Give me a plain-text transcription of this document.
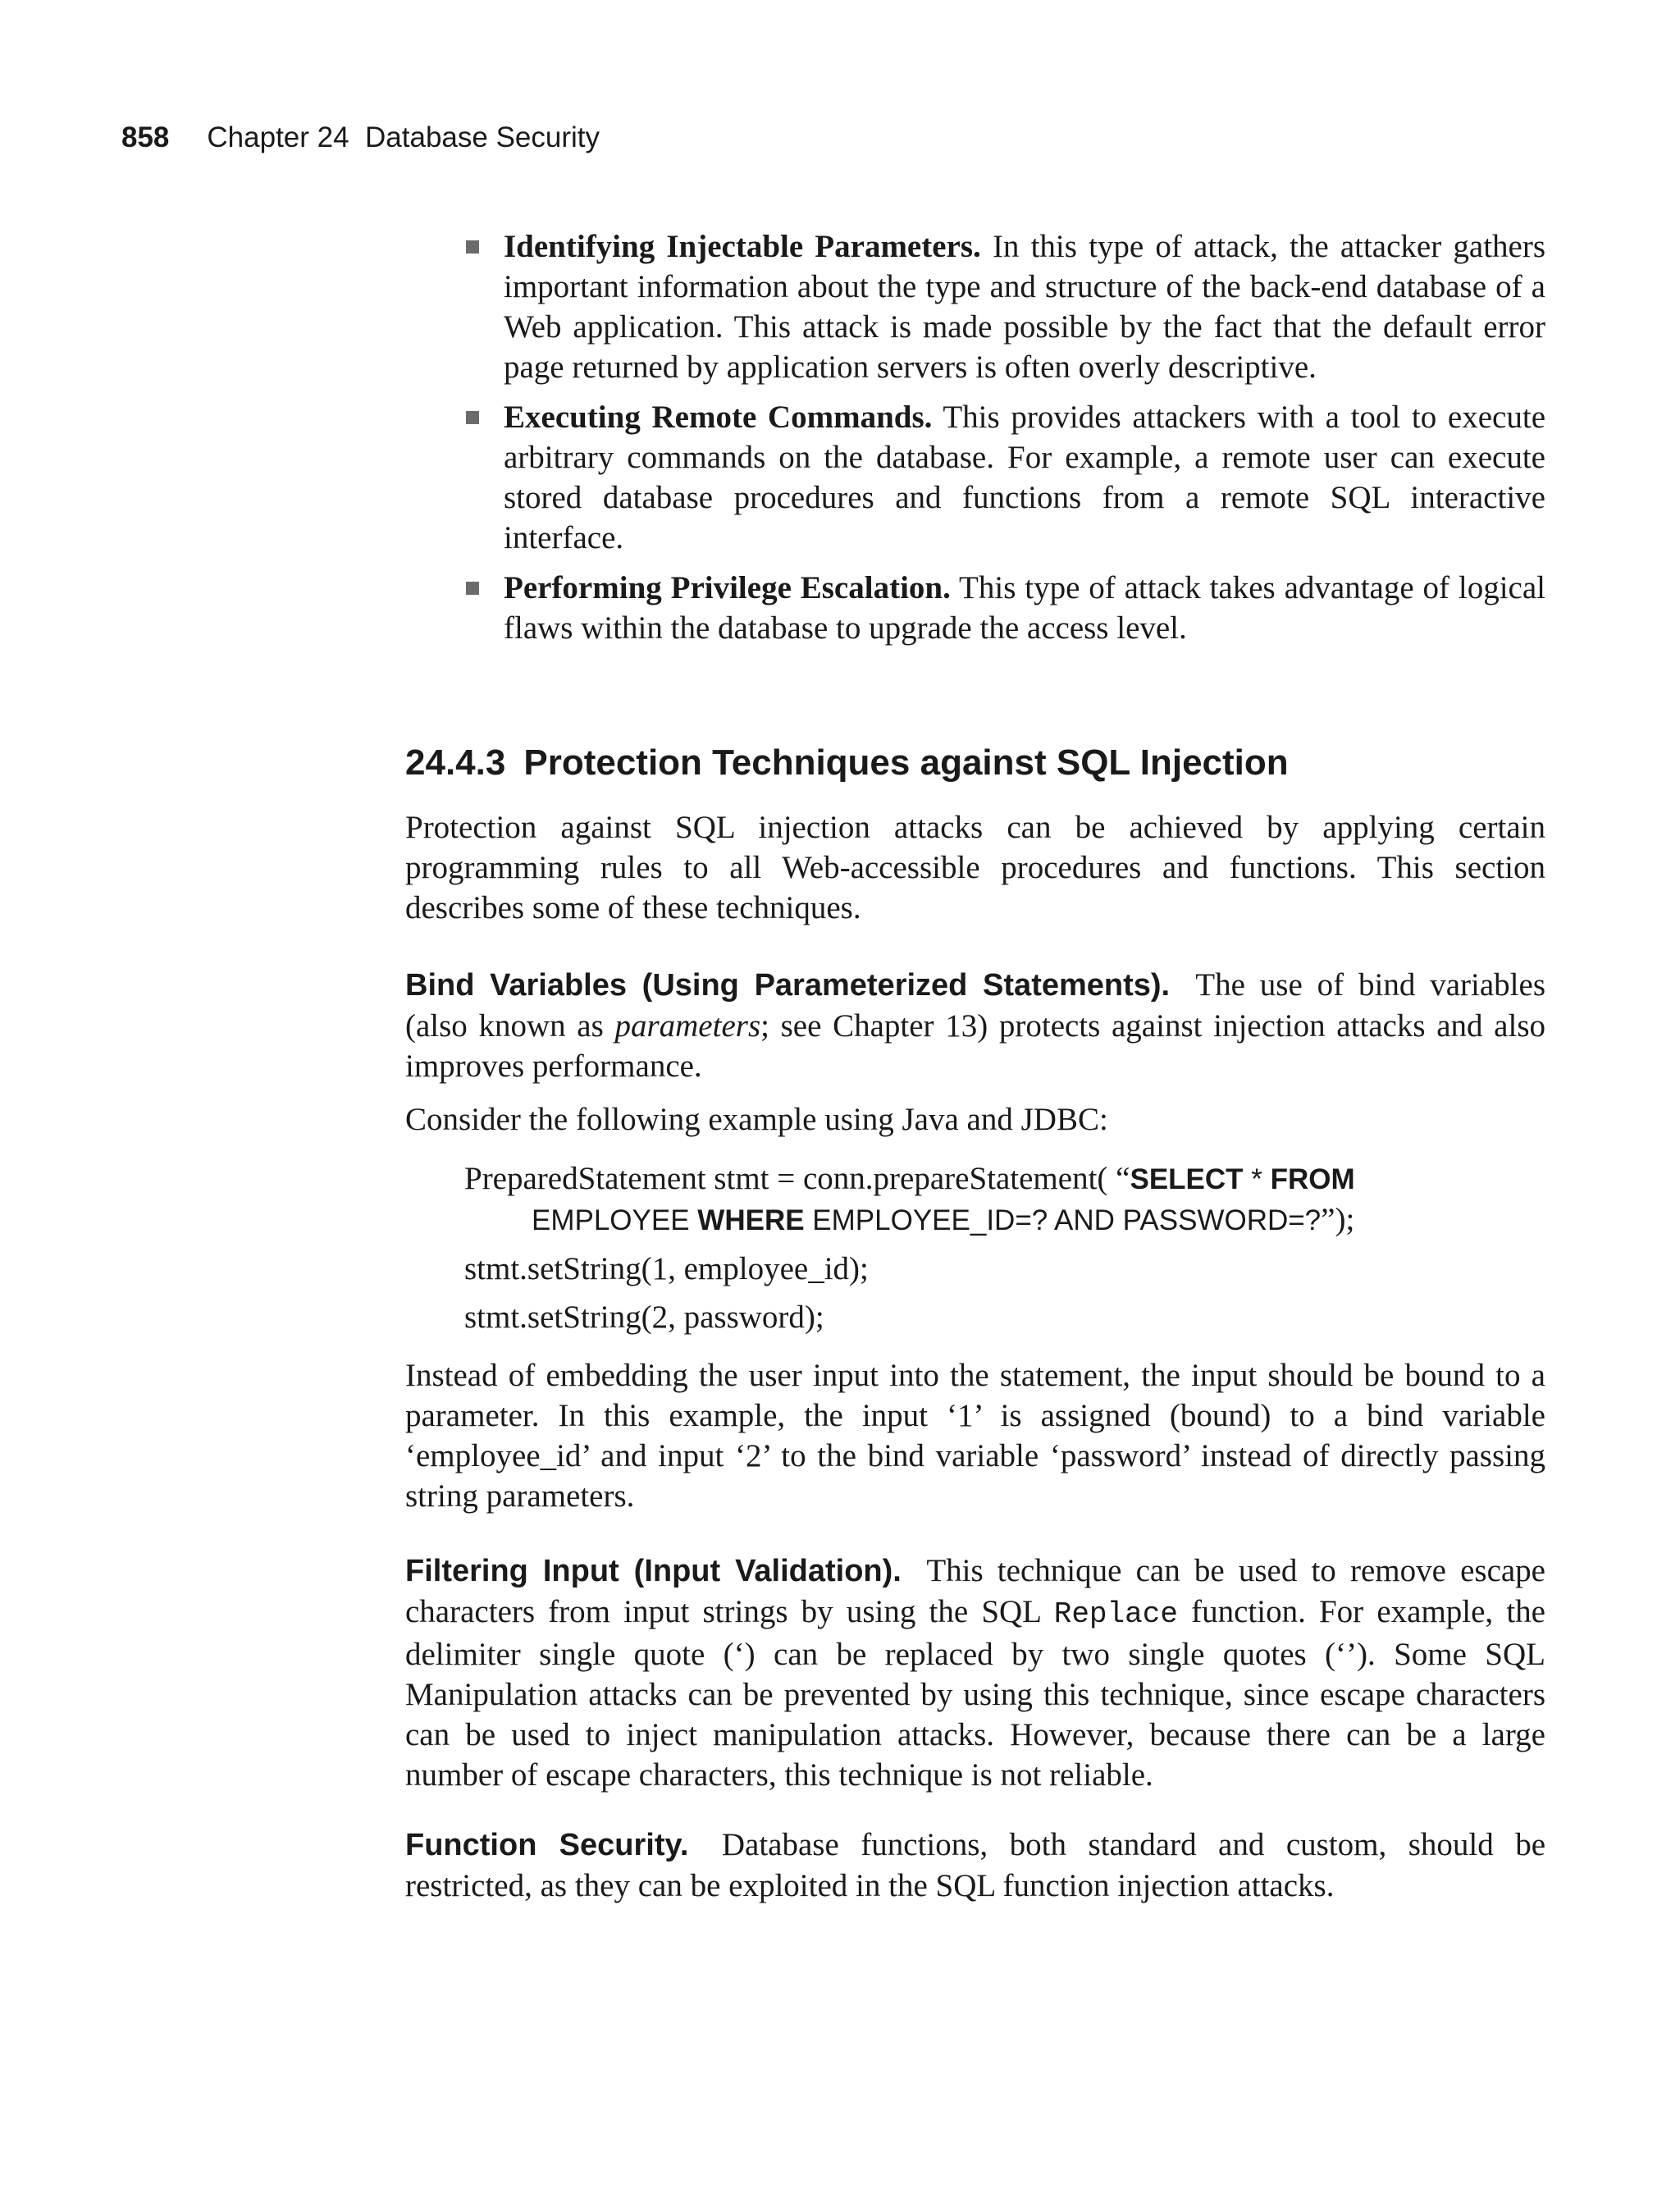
858 Chapter 24  Database Security

Identifying Injectable Parameters. In this type of attack, the attacker gathers important information about the type and structure of the back-end database of a Web application. This attack is made possible by the fact that the default error page returned by application servers is often overly descriptive.

Executing Remote Commands. This provides attackers with a tool to execute arbitrary commands on the database. For example, a remote user can execute stored database procedures and functions from a remote SQL interactive interface.

Performing Privilege Escalation. This type of attack takes advantage of logical flaws within the database to upgrade the access level.

24.4.3 Protection Techniques against SQL Injection

Protection against SQL injection attacks can be achieved by applying certain programming rules to all Web-accessible procedures and functions. This section describes some of these techniques.

Bind Variables (Using Parameterized Statements). The use of bind variables (also known as parameters; see Chapter 13) protects against injection attacks and also improves performance.

Consider the following example using Java and JDBC:

PreparedStatement stmt = conn.prepareStatement( “SELECT * FROM
EMPLOYEE WHERE EMPLOYEE_ID=? AND PASSWORD=?”);
stmt.setString(1, employee_id);
stmt.setString(2, password);

Instead of embedding the user input into the statement, the input should be bound to a parameter. In this example, the input ‘1’ is assigned (bound) to a bind variable ‘employee_id’ and input ‘2’ to the bind variable ‘password’ instead of directly passing string parameters.

Filtering Input (Input Validation). This technique can be used to remove escape characters from input strings by using the SQL Replace function. For example, the delimiter single quote (‘) can be replaced by two single quotes (‘’). Some SQL Manipulation attacks can be prevented by using this technique, since escape characters can be used to inject manipulation attacks. However, because there can be a large number of escape characters, this technique is not reliable.

Function Security. Database functions, both standard and custom, should be restricted, as they can be exploited in the SQL function injection attacks.
